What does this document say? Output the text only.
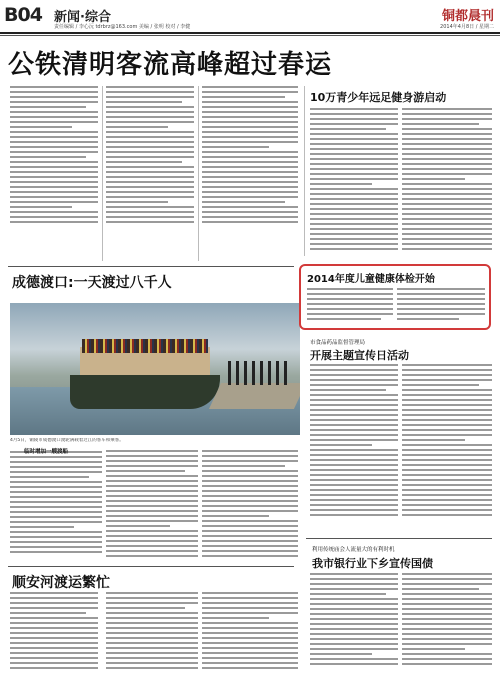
B04 新闻·综合
责任编辑 / 李心沅 tdrbrz@163.com 美编 / 张明 校对 / 李健
铜都晨刊
2014年4月8日 / 星期二
公铁清明客流高峰超过春运
10万青少年远足健身游启动
成德渡口:一天渡过八千人
4月5日，铜陵市成德渡口渡轮满载着过江的客车和乘客。
临时增加一艘渡船
2014年度儿童健康体检开始
市食品药品监督管理局
开展主题宣传日活动
利用传统庙会人流量大的有利时机
我市银行业下乡宣传国债
顺安河渡运繁忙
